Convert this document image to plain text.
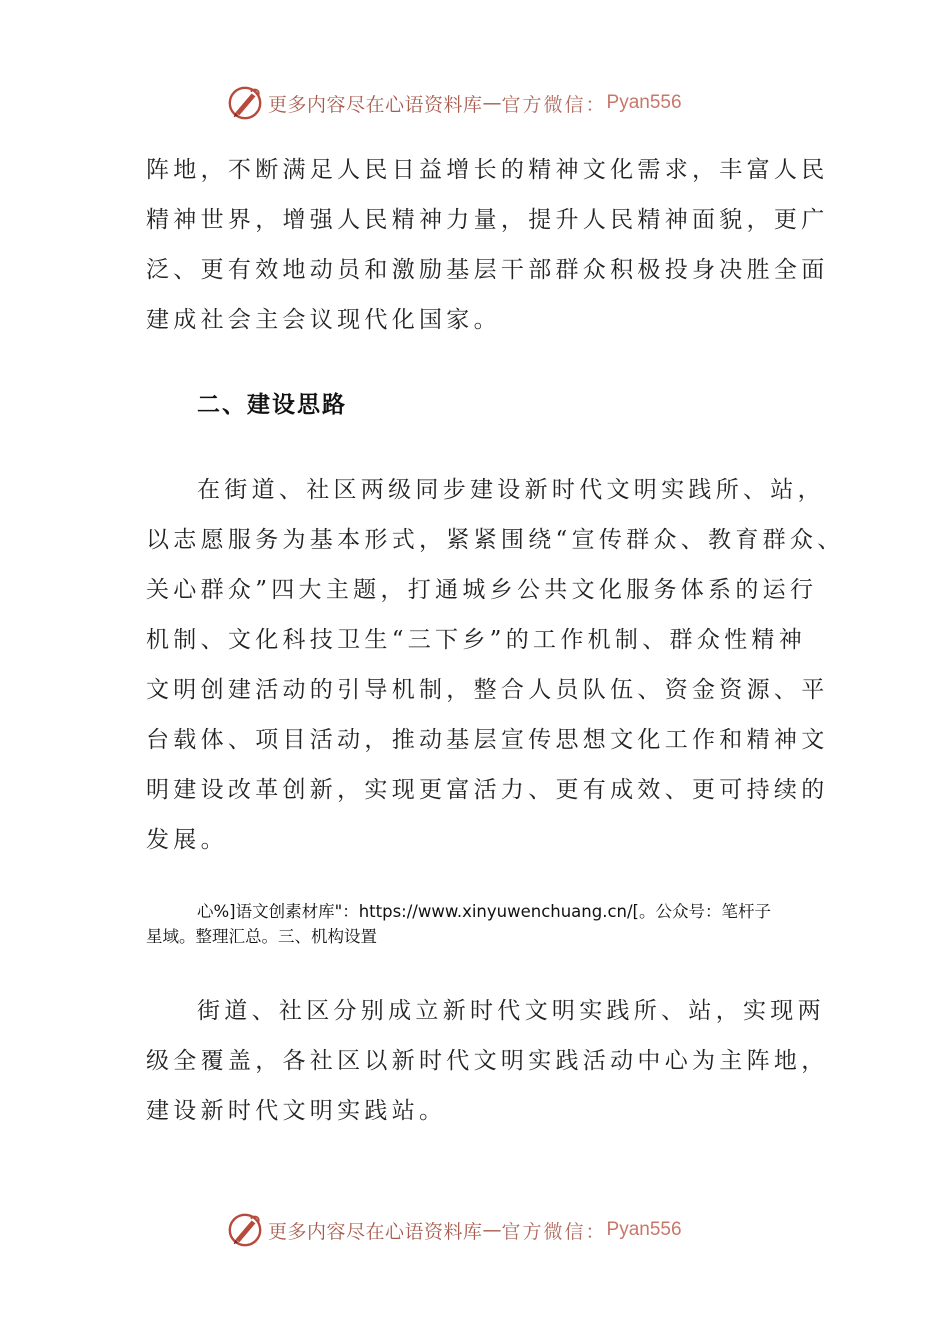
更多内容尽在心语资料库 — 官方微信： Pyan556
阵地，不断满足人民日益增长的精神文化需求，丰富人民
精神世界，增强人民精神力量，提升人民精神面貌，更广
泛、更有效地动员和激励基层干部群众积极投身决胜全面
建成社会主会议现代化国家。
二、建设思路
在街道、社区两级同步建设新时代文明实践所、站，
以志愿服务为基本形式，紧紧围绕“宣传群众、教育群众、
关心群众”四大主题，打通城乡公共文化服务体系的运行
机制、文化科技卫生“三下乡”的工作机制、群众性精神
文明创建活动的引导机制，整合人员队伍、资金资源、平
台载体、项目活动，推动基层宣传思想文化工作和精神文
明建设改革创新，实现更富活力、更有成效、更可持续的
发展。
心%]语文创素材库"：https://www.xinyuwenchuang.cn/[。公众号：笔杆子
星域。整理汇总。三、机构设置
街道、社区分别成立新时代文明实践所、站，实现两
级全覆盖，各社区以新时代文明实践活动中心为主阵地，
建设新时代文明实践站。
更多内容尽在心语资料库 — 官方微信： Pyan556
